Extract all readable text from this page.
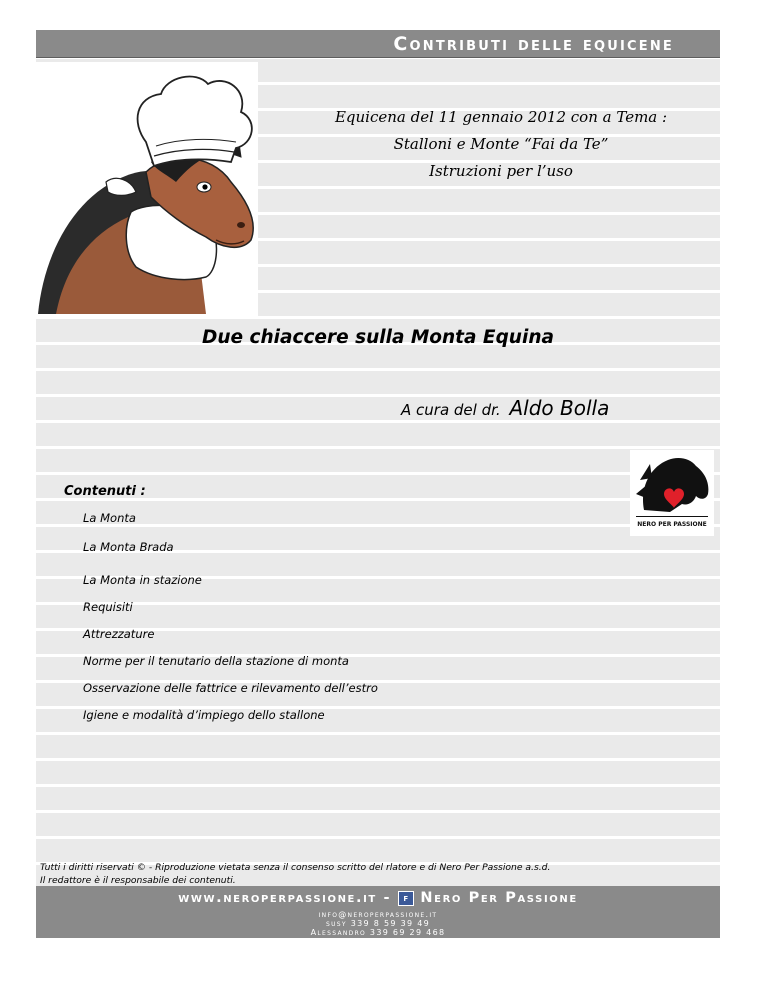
Contributi delle equicene
Equicena del 11 gennaio 2012 con a Tema :
Stalloni e Monte “Fai da Te”
Istruzioni per l’uso
Due chiaccere sulla Monta Equina
A cura del dr. Aldo Bolla
NERO PER PASSIONE
Contenuti :
La Monta
La Monta Brada
La Monta in stazione
Requisiti
Attrezzature
Norme per il tenutario della stazione di monta
Osservazione delle fattrice e rilevamento dell’estro
Igiene e modalità d’impiego dello stallone
Tutti i diritti riservati © - Riproduzione vietata senza il consenso scritto del rlatore e di Nero Per Passione a.s.d.
Il redattore è il responsabile dei contenuti.
www.neroperpassione.it - f Nero Per Passione
info@neroperpassione.it
susy 339 8 59 39 49
Alessandro 339 69 29 468
